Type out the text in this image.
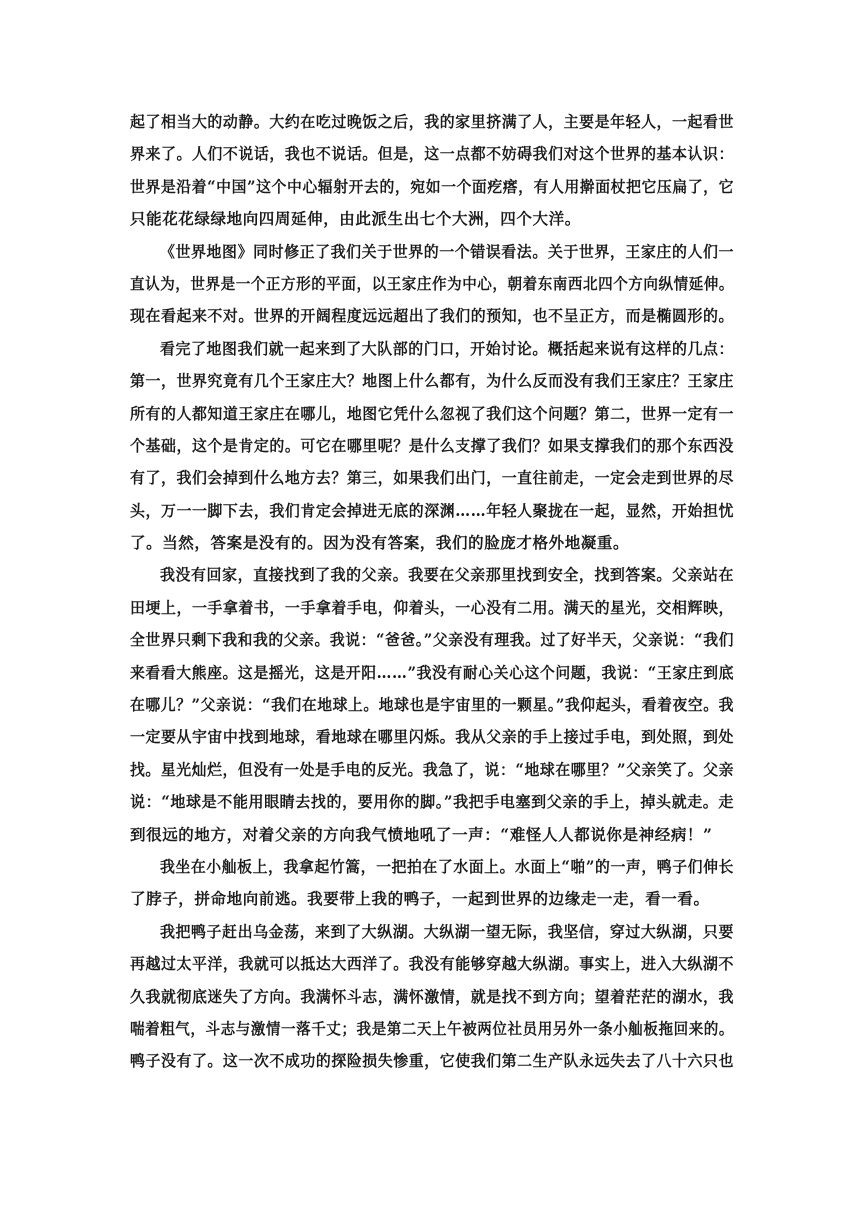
起了相当大的动静。大约在吃过晚饭之后，我的家里挤满了人，主要是年轻人，一起看世
界来了。人们不说话，我也不说话。但是，这一点都不妨碍我们对这个世界的基本认识：
世界是沿着“中国”这个中心辐射开去的，宛如一个面疙瘩，有人用擀面杖把它压扁了，它
只能花花绿绿地向四周延伸，由此派生出七个大洲，四个大洋。
《世界地图》同时修正了我们关于世界的一个错误看法。关于世界，王家庄的人们一
直认为，世界是一个正方形的平面，以王家庄作为中心，朝着东南西北四个方向纵情延伸。
现在看起来不对。世界的开阔程度远远超出了我们的预知，也不呈正方，而是椭圆形的。
看完了地图我们就一起来到了大队部的门口，开始讨论。概括起来说有这样的几点：
第一，世界究竟有几个王家庄大？地图上什么都有，为什么反而没有我们王家庄？王家庄
所有的人都知道王家庄在哪儿，地图它凭什么忽视了我们这个问题？第二，世界一定有一
个基础，这个是肯定的。可它在哪里呢？是什么支撑了我们？如果支撑我们的那个东西没
有了，我们会掉到什么地方去？第三，如果我们出门，一直往前走，一定会走到世界的尽
头，万一一脚下去，我们肯定会掉进无底的深渊……年轻人聚拢在一起，显然，开始担忧
了。当然，答案是没有的。因为没有答案，我们的脸庞才格外地凝重。
我没有回家，直接找到了我的父亲。我要在父亲那里找到安全，找到答案。父亲站在
田埂上，一手拿着书，一手拿着手电，仰着头，一心没有二用。满天的星光，交相辉映，
全世界只剩下我和我的父亲。我说：“爸爸。”父亲没有理我。过了好半天，父亲说：“我们
来看看大熊座。这是摇光，这是开阳……”我没有耐心关心这个问题，我说：“王家庄到底
在哪儿？”父亲说：“我们在地球上。地球也是宇宙里的一颗星。”我仰起头，看着夜空。我
一定要从宇宙中找到地球，看地球在哪里闪烁。我从父亲的手上接过手电，到处照，到处
找。星光灿烂，但没有一处是手电的反光。我急了，说：“地球在哪里？”父亲笑了。父亲
说：“地球是不能用眼睛去找的，要用你的脚。”我把手电塞到父亲的手上，掉头就走。走
到很远的地方，对着父亲的方向我气愤地吼了一声：“难怪人人都说你是神经病！”
我坐在小舢板上，我拿起竹篙，一把拍在了水面上。水面上“啪”的一声，鸭子们伸长
了脖子，拼命地向前逃。我要带上我的鸭子，一起到世界的边缘走一走，看一看。
我把鸭子赶出乌金荡，来到了大纵湖。大纵湖一望无际，我坚信，穿过大纵湖，只要
再越过太平洋，我就可以抵达大西洋了。我没有能够穿越大纵湖。事实上，进入大纵湖不
久我就彻底迷失了方向。我满怀斗志，满怀激情，就是找不到方向；望着茫茫的湖水，我
喘着粗气，斗志与激情一落千丈；我是第二天上午被两位社员用另外一条小舢板拖回来的。
鸭子没有了。这一次不成功的探险损失惨重，它使我们第二生产队永远失去了八十六只也
